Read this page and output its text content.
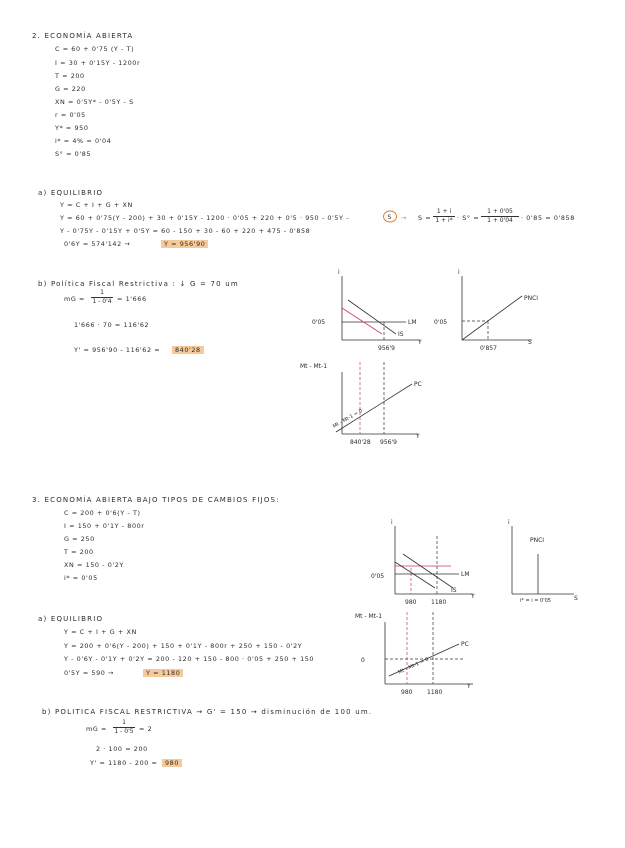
2. ECONOMÍA ABIERTA
C = 60 + 0'75 (Y - T)
I = 30 + 0'15Y - 1200r
T = 200
G = 220
XN = 0'5Y* - 0'5Y - S
r = 0'05
Y* = 950
i* = 4% = 0'04
S° = 0'85
a) EQUILIBRIO
Y = C + I + G + XN
Y = 60 + 0'75(Y - 200) + 30 + 0'15Y - 1200 · 0'05 + 220 + 0'5 · 950 - 0'5Y -	S → S =
1 + i
1 + i* · S° =
1 + 0'05
1 + 0'04	· 0'85 = 0'858
Y - 0'75Y - 0'15Y + 0'5Y = 60 - 150 + 30 - 60 + 220 + 475 - 0'858
0'6Y = 574'142 →	Y = 956'90
b) Política Fiscal Restrictiva : ↓ G = 70 um
mG =
1
1 - 0'4 = 1'666
1'666 · 70 = 116'62
Y' = 956'90 - 116'62 =	840'28
i
Y
LM
IS
0'05
956'9
i
S
PNCI
0'05
0'857
Mt - Mt-1
Y
PC
Mt - Mt-1 = 0
840'28 956'9
3. ECONOMÍA ABIERTA BAJO TIPOS DE CAMBIOS FIJOS:
C = 200 + 0'6(Y - T)
I = 150 + 0'1Y - 800r
G = 250
T = 200
XN = 150 - 0'2Y
i* = 0'05
a) EQUILIBRIO
Y = C + I + G + XN
Y = 200 + 0'6(Y - 200) + 150 + 0'1Y - 800r + 250 + 150 - 0'2Y
Y - 0'6Y - 0'1Y + 0'2Y = 200 - 120 + 150 - 800 · 0'05 + 250 + 150
0'5Y = 590 →	Y = 1180
b) POLITICA FISCAL RESTRICTIVA → G' = 150 → disminución de 100 um.
mG =
1
1 - 0'5 = 2
2 · 100 = 200
Y' = 1180 - 200 =	980
i
Y
LM
IS
0'05
980 1180
i
S
PNCI
i* = i = 0'05
Mt - Mt-1
Y
0
PC
Mt - Mt-1 = 0
980 1180
